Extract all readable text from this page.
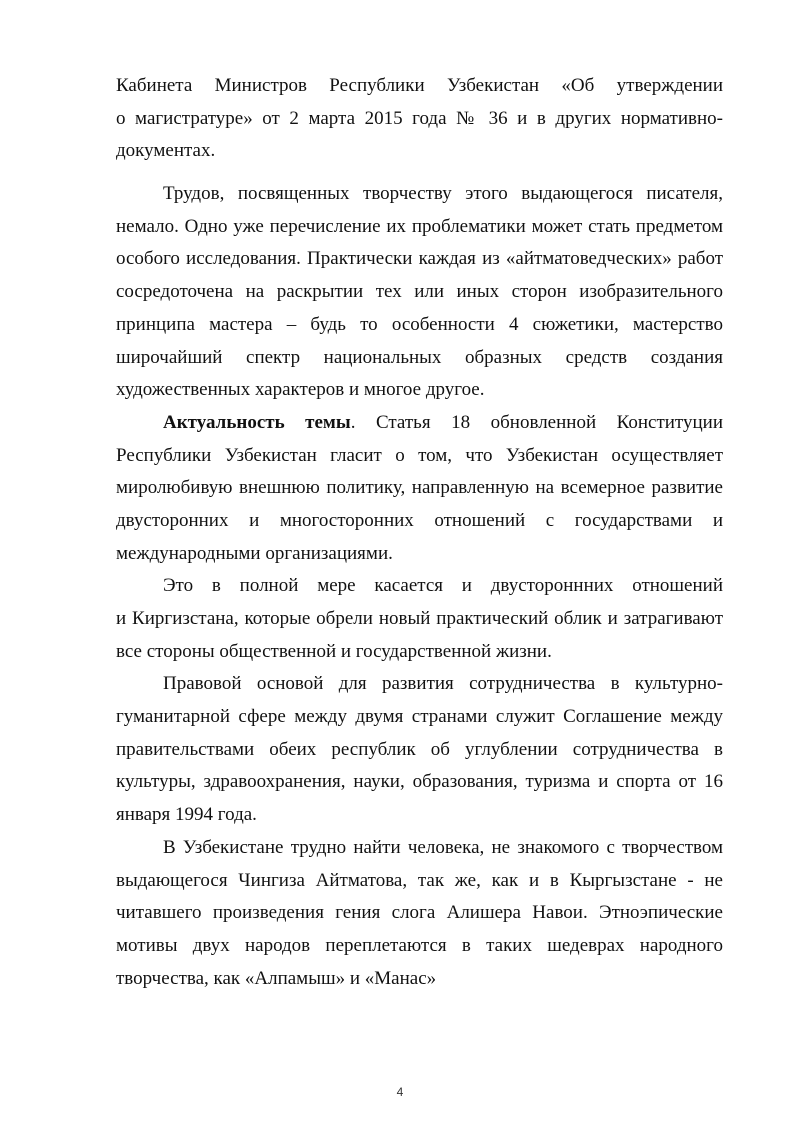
Кабинета Министров Республики Узбекистан «Об утверждении
о магистратуре» от 2 марта 2015 года № 36 и в других нормативно-
документах.
Трудов, посвященных творчеству этого выдающегося писателя,
немало. Одно уже перечисление их проблематики может стать предметом
особого исследования. Практически каждая из «айтматоведческих» работ
сосредоточена на раскрытии тех или иных сторон изобразительного
принципа мастера – будь то особенности 4 сюжетики, мастерство
широчайший спектр национальных образных средств создания
художественных характеров и многое другое.
Актуальность темы. Статья 18 обновленной Конституции
Республики Узбекистан гласит о том, что Узбекистан осуществляет
миролюбивую внешнюю политику, направленную на всемерное развитие
двусторонних и многосторонних отношений с государствами и
международными организациями.
Это в полной мере касается и двустороннних отношений
и Киргизстана, которые обрели новый практический облик и затрагивают
все стороны общественной и государственной жизни.
Правовой основой для развития сотрудничества в культурно-
гуманитарной сфере между двумя странами служит Соглашение между
правительствами обеих республик об углублении сотрудничества в
культуры, здравоохранения, науки, образования, туризма и спорта от 16
января 1994 года.
В Узбекистане трудно найти человека, не знакомого с творчеством
выдающегося Чингиза Айтматова, так же, как и в Кыргызстане - не
читавшего произведения гения слога Алишера Навои. Этноэпические
мотивы двух народов переплетаются в таких шедеврах народного
творчества, как «Алпамыш» и «Манас»
4
